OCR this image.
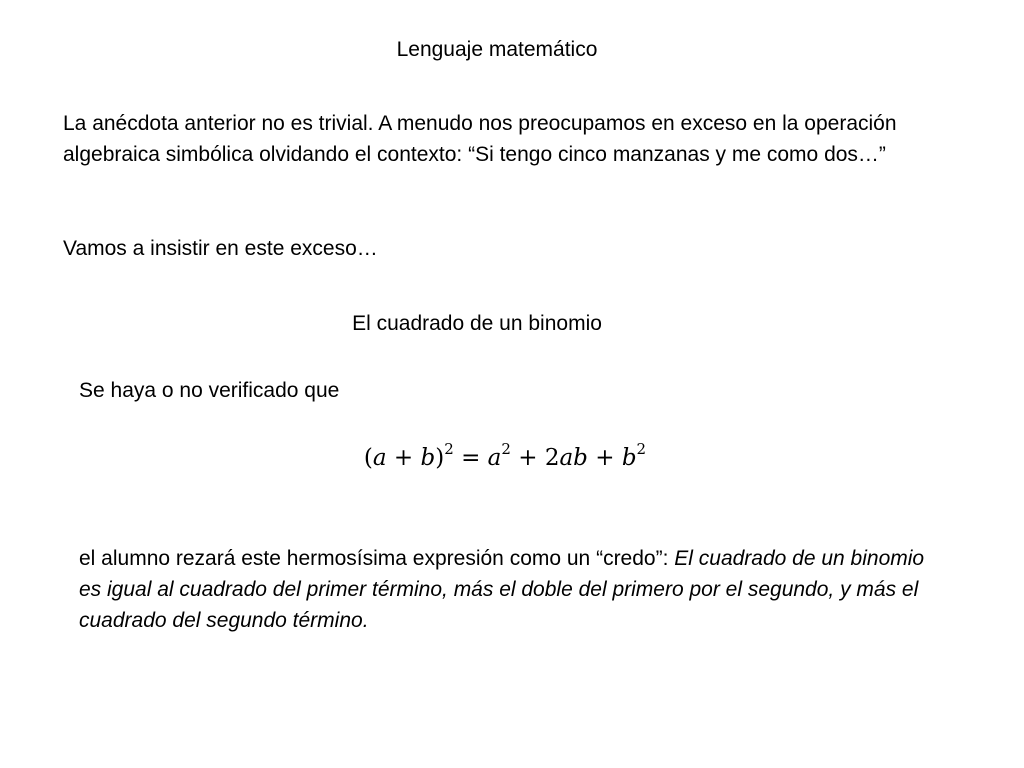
Lenguaje matemático
La anécdota anterior no es trivial. A menudo nos preocupamos en exceso en la operación algebraica simbólica olvidando el contexto: “Si tengo cinco manzanas y me como dos…”
Vamos a insistir en este exceso…
El cuadrado de un binomio
Se haya o no verificado que
$(a + b)^2 = a^2 + 2ab + b^2$
el alumno rezará este hermosísima expresión como un “credo”: El cuadrado de un binomio es igual al cuadrado del primer término, más el doble del primero por el segundo, y más el cuadrado del segundo término.
